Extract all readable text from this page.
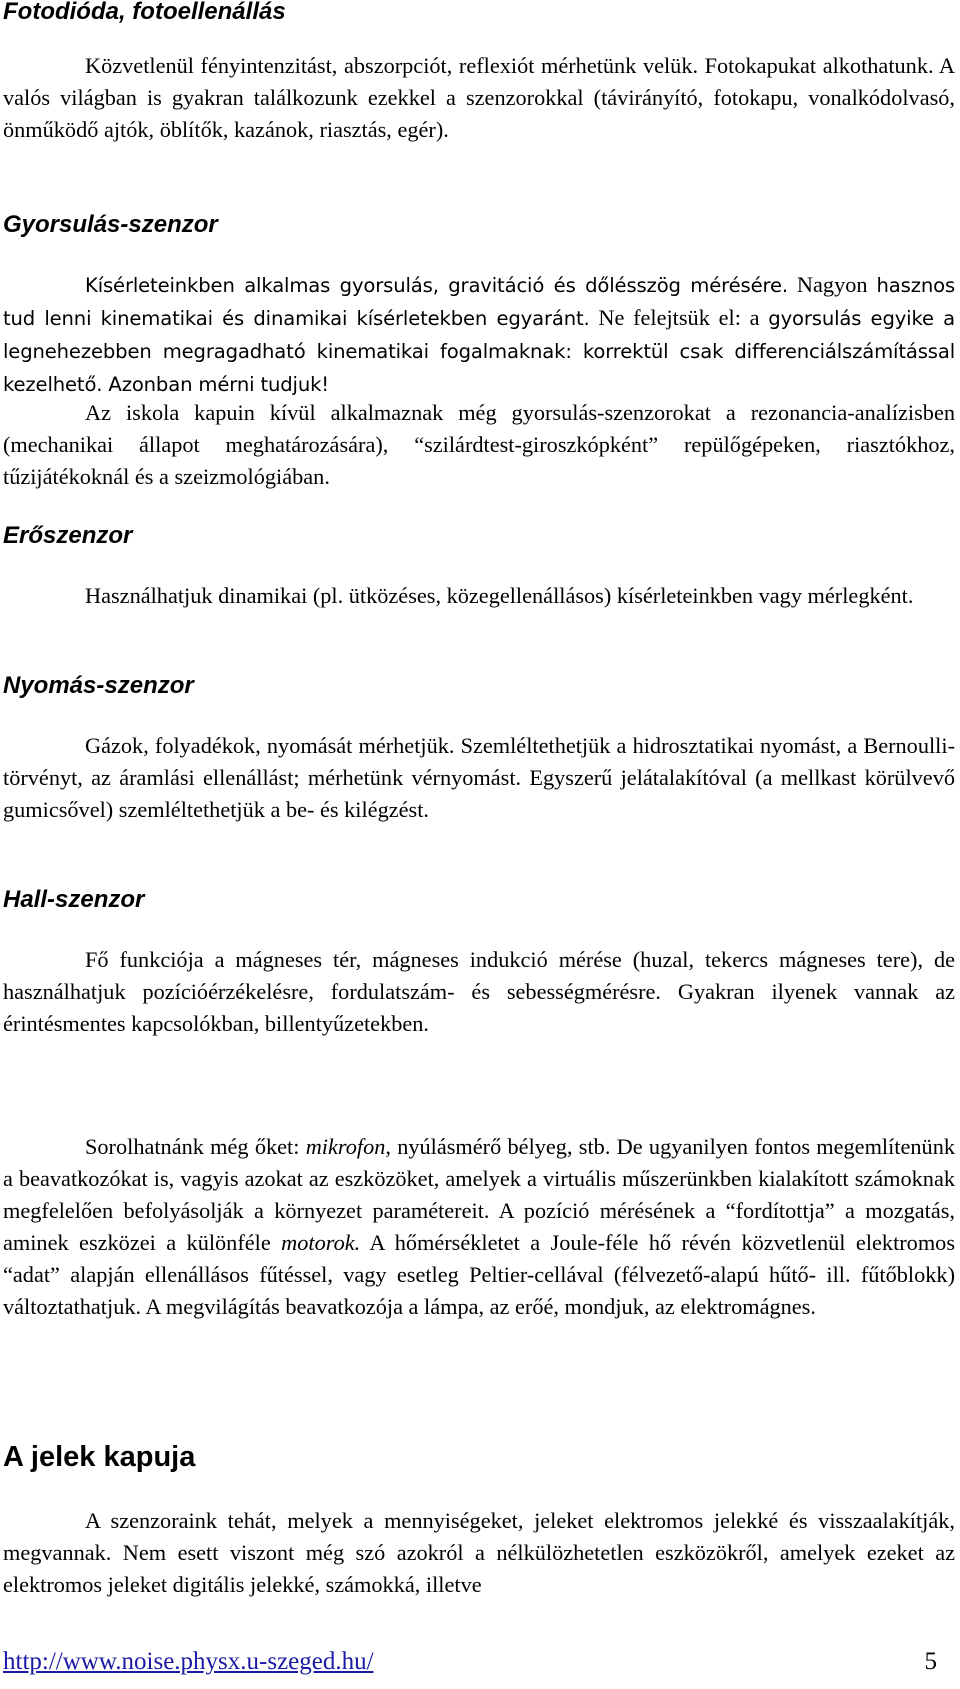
Fotodióda, fotoellenállás

Közvetlenül fényintenzitást, abszorpciót, reflexiót mérhetünk velük. Fotokapukat alkothatunk. A valós világban is gyakran találkozunk ezekkel a szenzorokkal (távirányító, fotokapu, vonalkódolvasó, önműködő ajtók, öblítők, kazánok, riasztás, egér).

Gyorsulás-szenzor

Kísérleteinkben alkalmas gyorsulás, gravitáció és dőlésszög mérésére. Nagyon hasznos tud lenni kinematikai és dinamikai kísérletekben egyaránt. Ne felejtsük el: a gyorsulás egyike a legnehezebben megragadható kinematikai fogalmaknak: korrektül csak differenciálszámítással kezelhető. Azonban mérni tudjuk!

Az iskola kapuin kívül alkalmaznak még gyorsulás-szenzorokat a rezonancia-analízisben (mechanikai állapot meghatározására), “szilárdtest-giroszkópként” repülőgépeken, riasztókhoz, tűzijátékoknál és a szeizmológiában.

Erőszenzor

Használhatjuk dinamikai (pl. ütközéses, közegellenállásos) kísérleteinkben vagy mérlegként.

Nyomás-szenzor

Gázok, folyadékok, nyomását mérhetjük. Szemléltethetjük a hidrosztatikai nyomást, a Bernoulli-törvényt, az áramlási ellenállást; mérhetünk vérnyomást. Egyszerű jelátalakítóval (a mellkast körülvevő gumicsővel) szemléltethetjük a be- és kilégzést.

Hall-szenzor

Fő funkciója a mágneses tér, mágneses indukció mérése (huzal, tekercs mágneses tere), de használhatjuk pozícióérzékelésre, fordulatszám- és sebességmérésre. Gyakran ilyenek vannak az érintésmentes kapcsolókban, billentyűzetekben.

Sorolhatnánk még őket: mikrofon, nyúlásmérő bélyeg, stb. De ugyanilyen fontos megemlítenünk a beavatkozókat is, vagyis azokat az eszközöket, amelyek a virtuális műszerünkben kialakított számoknak megfelelően befolyásolják a környezet paramétereit. A pozíció mérésének a “fordítottja” a mozgatás, aminek eszközei a különféle motorok. A hőmérsékletet a Joule-féle hő révén közvetlenül elektromos “adat” alapján ellenállásos fűtéssel, vagy esetleg Peltier-cellával (félvezető-alapú hűtő- ill. fűtőblokk) változtathatjuk. A megvilágítás beavatkozója a lámpa, az erőé, mondjuk, az elektromágnes.

A jelek kapuja

A szenzoraink tehát, melyek a mennyiségeket, jeleket elektromos jelekké és visszaalakítják, megvannak. Nem esett viszont még szó azokról a nélkülözhetetlen eszközökről, amelyek ezeket az elektromos jeleket digitális jelekké, számokká, illetve

http://www.noise.physx.u-szeged.hu/	5
